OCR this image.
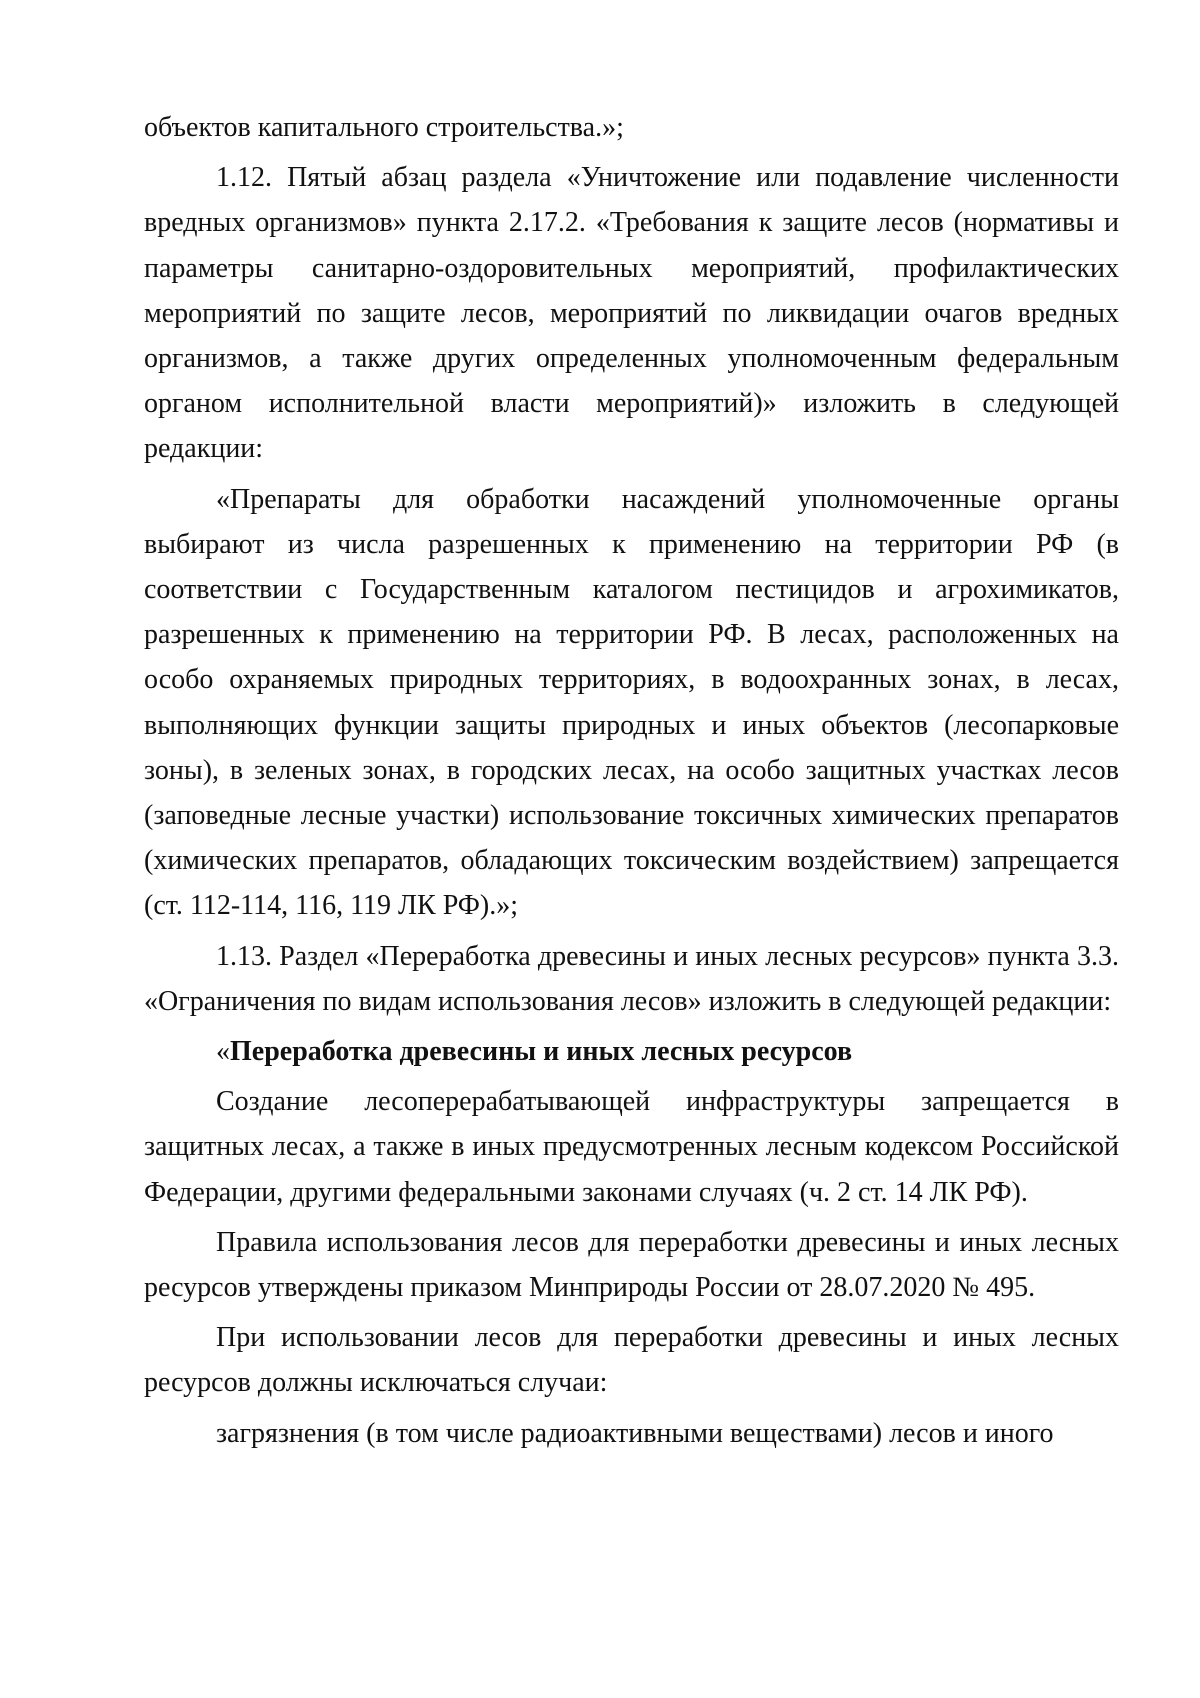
объектов капитального строительства.»;

1.12. Пятый абзац раздела «Уничтожение или подавление численности вредных организмов» пункта 2.17.2. «Требования к защите лесов (нормативы и параметры санитарно-оздоровительных мероприятий, профилактических мероприятий по защите лесов, мероприятий по ликвидации очагов вредных организмов, а также других определенных уполномоченным федеральным органом исполнительной власти мероприятий)» изложить в следующей редакции:

«Препараты для обработки насаждений уполномоченные органы выбирают из числа разрешенных к применению на территории РФ (в соответствии с Государственным каталогом пестицидов и агрохимикатов, разрешенных к применению на территории РФ. В лесах, расположенных на особо охраняемых природных территориях, в водоохранных зонах, в лесах, выполняющих функции защиты природных и иных объектов (лесопарковые зоны), в зеленых зонах, в городских лесах, на особо защитных участках лесов (заповедные лесные участки) использование токсичных химических препаратов (химических препаратов, обладающих токсическим воздействием) запрещается (ст. 112-114, 116, 119 ЛК РФ).»;

1.13. Раздел «Переработка древесины и иных лесных ресурсов» пункта 3.3. «Ограничения по видам использования лесов» изложить в следующей редакции:

«Переработка древесины и иных лесных ресурсов

Создание лесоперерабатывающей инфраструктуры запрещается в защитных лесах, а также в иных предусмотренных лесным кодексом Российской Федерации, другими федеральными законами случаях (ч. 2 ст. 14 ЛК РФ).

Правила использования лесов для переработки древесины и иных лесных ресурсов утверждены приказом Минприроды России от 28.07.2020 № 495.

При использовании лесов для переработки древесины и иных лесных ресурсов должны исключаться случаи:

загрязнения (в том числе радиоактивными веществами) лесов и иного
